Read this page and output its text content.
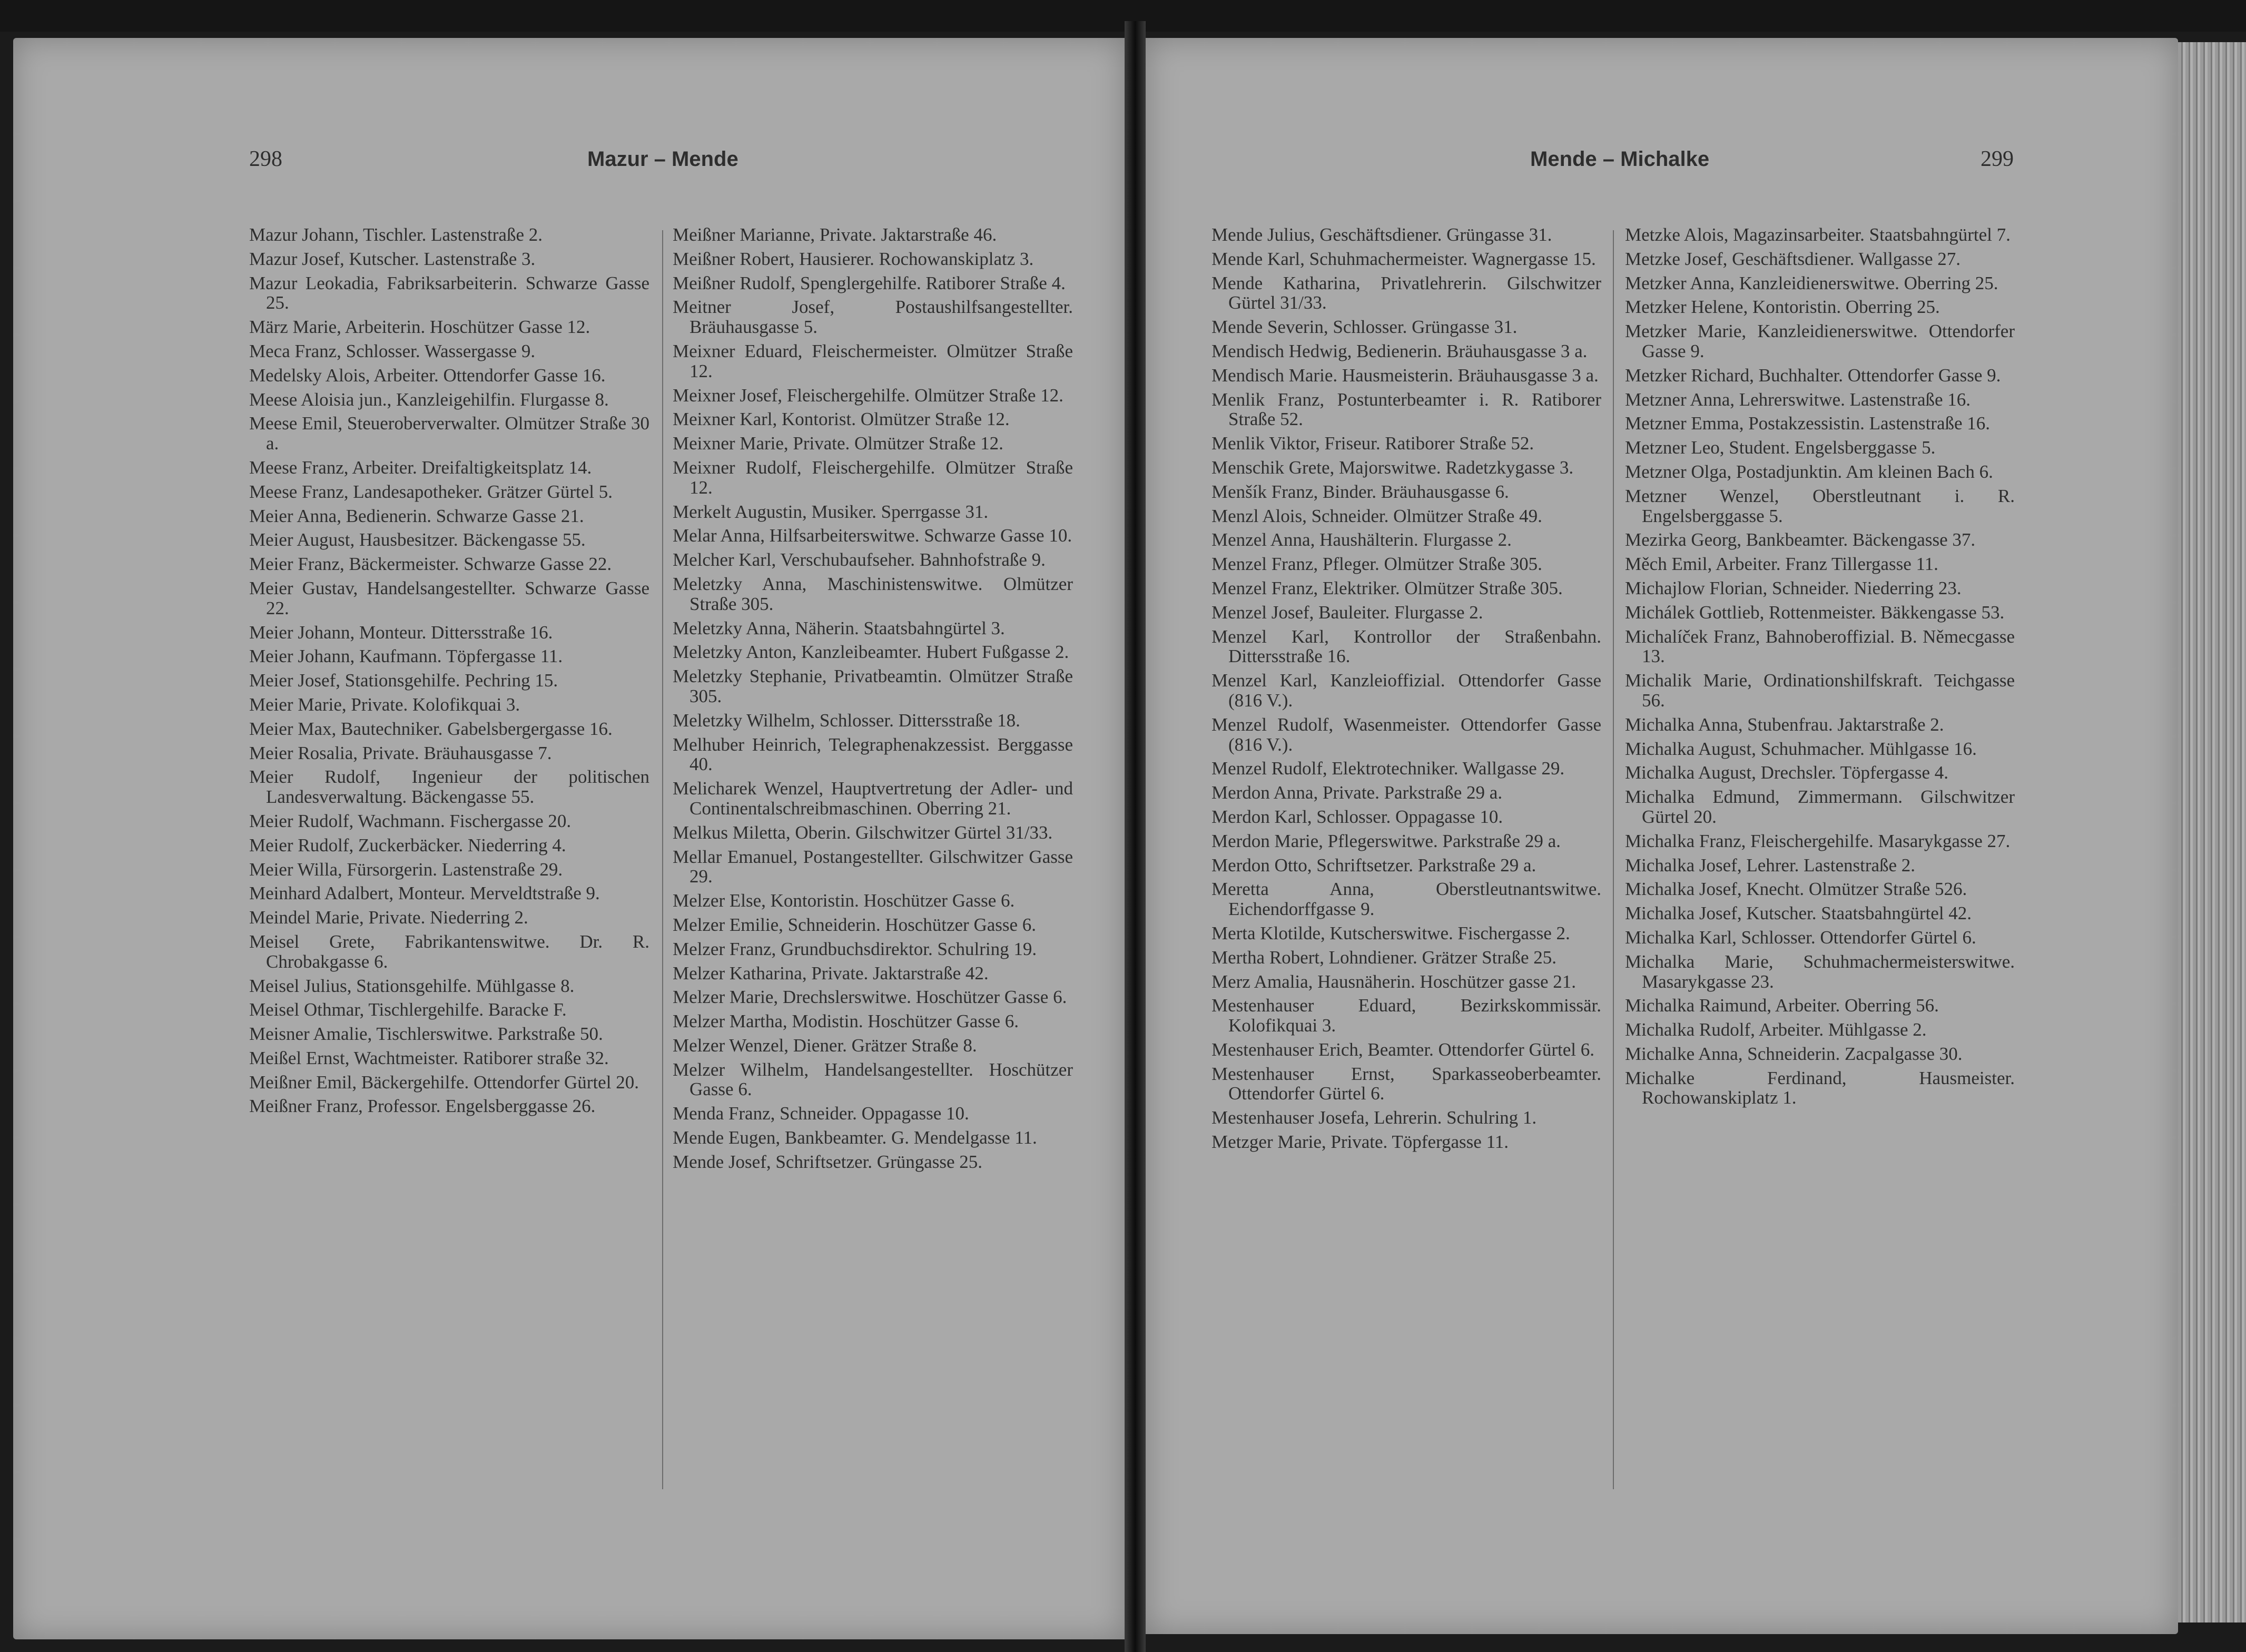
298	Mazur – Mende

Mazur Johann, Tischler. Lastenstraße 2.

Mazur Josef, Kutscher. Lastenstraße 3.

Mazur Leokadia, Fabriksarbeiterin. Schwarze Gasse 25.

März Marie, Arbeiterin. Hoschützer Gasse 12.

Meca Franz, Schlosser. Wassergasse 9.

Medelsky Alois, Arbeiter. Ottendorfer Gasse 16.

Meese Aloisia jun., Kanzleigehilfin. Flurgasse 8.

Meese Emil, Steuerоberverwalter. Olmützer Straße 30 a.

Meese Franz, Arbeiter. Dreifaltigkeitsplatz 14.

Meese Franz, Landesapotheker. Grätzer Gürtel 5.

Meier Anna, Bedienerin. Schwarze Gasse 21.

Meier August, Hausbesitzer. Bäckengasse 55.

Meier Franz, Bäckermeister. Schwarze Gasse 22.

Meier Gustav, Handelsangestellter. Schwarze Gasse 22.

Meier Johann, Monteur. Dittersstraße 16.

Meier Johann, Kaufmann. Töpfergasse 11.

Meier Josef, Stationsgehilfe. Pechring 15.

Meier Marie, Private. Kolofikquai 3.

Meier Max, Bautechniker. Gabelsbergergasse 16.

Meier Rosalia, Private. Bräuhausgasse 7.

Meier Rudolf, Ingenieur der politischen Landesverwaltung. Bäckengasse 55.

Meier Rudolf, Wachmann. Fischergasse 20.

Meier Rudolf, Zuckerbäcker. Niederring 4.

Meier Willa, Fürsorgerin. Lastenstraße 29.

Meinhard Adalbert, Monteur. Merveldtstraße 9.

Meindel Marie, Private. Niederring 2.

Meisel Grete, Fabrikantenswitwe. Dr. R. Chrobakgasse 6.

Meisel Julius, Stationsgehilfe. Mühlgasse 8.

Meisel Othmar, Tischlergehilfe. Baracke F.

Meisner Amalie, Tischlerswitwe. Parkstraße 50.

Meißel Ernst, Wachtmeister. Ratiborer straße 32.

Meißner Emil, Bäckergehilfe. Ottendorfer Gürtel 20.

Meißner Franz, Professor. Engelsberggasse 26.

Meißner Marianne, Private. Jaktarstraße 46.

Meißner Robert, Hausierer. Rochowanskiplatz 3.

Meißner Rudolf, Spenglergehilfe. Ratiborer Straße 4.

Meitner Josef, Postaushilfsangestellter. Bräuhausgasse 5.

Meixner Eduard, Fleischermeister. Olmützer Straße 12.

Meixner Josef, Fleischergehilfe. Olmützer Straße 12.

Meixner Karl, Kontorist. Olmützer Straße 12.

Meixner Marie, Private. Olmützer Straße 12.

Meixner Rudolf, Fleischergehilfe. Olmützer Straße 12.

Merkelt Augustin, Musiker. Sperrgasse 31.

Melar Anna, Hilfsarbeiterswitwe. Schwarze Gasse 10.

Melcher Karl, Verschubaufseher. Bahnhofstraße 9.

Meletzky Anna, Maschinistenswitwe. Olmützer Straße 305.

Meletzky Anna, Näherin. Staatsbahngürtel 3.

Meletzky Anton, Kanzleibeamter. Hubert Fußgasse 2.

Meletzky Stephanie, Privatbeamtin. Olmützer Straße 305.

Meletzky Wilhelm, Schlosser. Dittersstraße 18.

Melhuber Heinrich, Telegraphenakzessist. Berggasse 40.

Melicharek Wenzel, Hauptvertretung der Adler- und Continentalschreibmaschinen. Oberring 21.

Melkus Miletta, Oberin. Gilschwitzer Gürtel 31/33.

Mellar Emanuel, Postangestellter. Gilschwitzer Gasse 29.

Melzer Else, Kontoristin. Hoschützer Gasse 6.

Melzer Emilie, Schneiderin. Hoschützer Gasse 6.

Melzer Franz, Grundbuchsdirektor. Schulring 19.

Melzer Katharina, Private. Jaktarstraße 42.

Melzer Marie, Drechslerswitwe. Hoschützer Gasse 6.

Melzer Martha, Modistin. Hoschützer Gasse 6.

Melzer Wenzel, Diener. Grätzer Straße 8.

Melzer Wilhelm, Handelsangestellter. Hoschützer Gasse 6.

Menda Franz, Schneider. Oppagasse 10.

Mende Eugen, Bankbeamter. G. Mendelgasse 11.

Mende Josef, Schriftsetzer. Grüngasse 25.

Mende – Michalke	299

Mende Julius, Geschäftsdiener. Grüngasse 31.

Mende Karl, Schuhmachermeister. Wagnergasse 15.

Mende Katharina, Privatlehrerin. Gilschwitzer Gürtel 31/33.

Mende Severin, Schlosser. Grüngasse 31.

Mendisch Hedwig, Bedienerin. Bräuhausgasse 3 a.

Mendisch Marie. Hausmeisterin. Bräuhausgasse 3 a.

Menlik Franz, Postunterbeamter i. R. Ratiborer Straße 52.

Menlik Viktor, Friseur. Ratiborer Straße 52.

Menschik Grete, Majorswitwe. Radetzkygasse 3.

Menšík Franz, Binder. Bräuhausgasse 6.

Menzl Alois, Schneider. Olmützer Straße 49.

Menzel Anna, Haushälterin. Flurgasse 2.

Menzel Franz, Pfleger. Olmützer Straße 305.

Menzel Franz, Elektriker. Olmützer Straße 305.

Menzel Josef, Bauleiter. Flurgasse 2.

Menzel Karl, Kontrollor der Straßenbahn. Dittersstraße 16.

Menzel Karl, Kanzleioffizial. Ottendorfer Gasse (816 V.).

Menzel Rudolf, Wasenmeister. Ottendorfer Gasse (816 V.).

Menzel Rudolf, Elektrotechniker. Wallgasse 29.

Merdon Anna, Private. Parkstraße 29 a.

Merdon Karl, Schlosser. Oppagasse 10.

Merdon Marie, Pflegerswitwe. Parkstraße 29 a.

Merdon Otto, Schriftsetzer. Parkstraße 29 a.

Meretta Anna, Oberstleutnantswitwe. Eichendorffgasse 9.

Merta Klotilde, Kutscherswitwe. Fischergasse 2.

Mertha Robert, Lohndiener. Grätzer Straße 25.

Merz Amalia, Hausnäherin. Hoschützer gasse 21.

Mestenhauser Eduard, Bezirkskommissär. Kolofikquai 3.

Mestenhauser Erich, Beamter. Ottendorfer Gürtel 6.

Mestenhauser Ernst, Sparkasseoberbeamter. Ottendorfer Gürtel 6.

Mestenhauser Josefa, Lehrerin. Schulring 1.

Metzger Marie, Private. Töpfergasse 11.

Metzke Alois, Magazinsarbeiter. Staatsbahngürtel 7.

Metzke Josef, Geschäftsdiener. Wallgasse 27.

Metzker Anna, Kanzleidienerswitwe. Oberring 25.

Metzker Helene, Kontoristin. Oberring 25.

Metzker Marie, Kanzleidienerswitwe. Ottendorfer Gasse 9.

Metzker Richard, Buchhalter. Ottendorfer Gasse 9.

Metzner Anna, Lehrerswitwe. Lastenstraße 16.

Metzner Emma, Postakzessistin. Lastenstraße 16.

Metzner Leo, Student. Engelsberggasse 5.

Metzner Olga, Postadjunktin. Am kleinen Bach 6.

Metzner Wenzel, Oberstleutnant i. R. Engelsberggasse 5.

Mezirka Georg, Bankbeamter. Bäckengasse 37.

Měch Emil, Arbeiter. Franz Tillergasse 11.

Michajlow Florian, Schneider. Niederring 23.

Michálek Gottlieb, Rottenmeister. Bäkkengasse 53.

Michalíček Franz, Bahnoberoffizial. B. Němecgasse 13.

Michalik Marie, Ordinationshilfskraft. Teichgasse 56.

Michalka Anna, Stubenfrau. Jaktarstraße 2.

Michalka August, Schuhmacher. Mühlgasse 16.

Michalka August, Drechsler. Töpfergasse 4.

Michalka Edmund, Zimmermann. Gilschwitzer Gürtel 20.

Michalka Franz, Fleischergehilfe. Masarykgasse 27.

Michalka Josef, Lehrer. Lastenstraße 2.

Michalka Josef, Knecht. Olmützer Straße 526.

Michalka Josef, Kutscher. Staatsbahngürtel 42.

Michalka Karl, Schlosser. Ottendorfer Gürtel 6.

Michalka Marie, Schuhmachermeisterswitwe. Masarykgasse 23.

Michalka Raimund, Arbeiter. Oberring 56.

Michalka Rudolf, Arbeiter. Mühlgasse 2.

Michalke Anna, Schneiderin. Zacpalgasse 30.

Michalke Ferdinand, Hausmeister. Rochowanskiplatz 1.
